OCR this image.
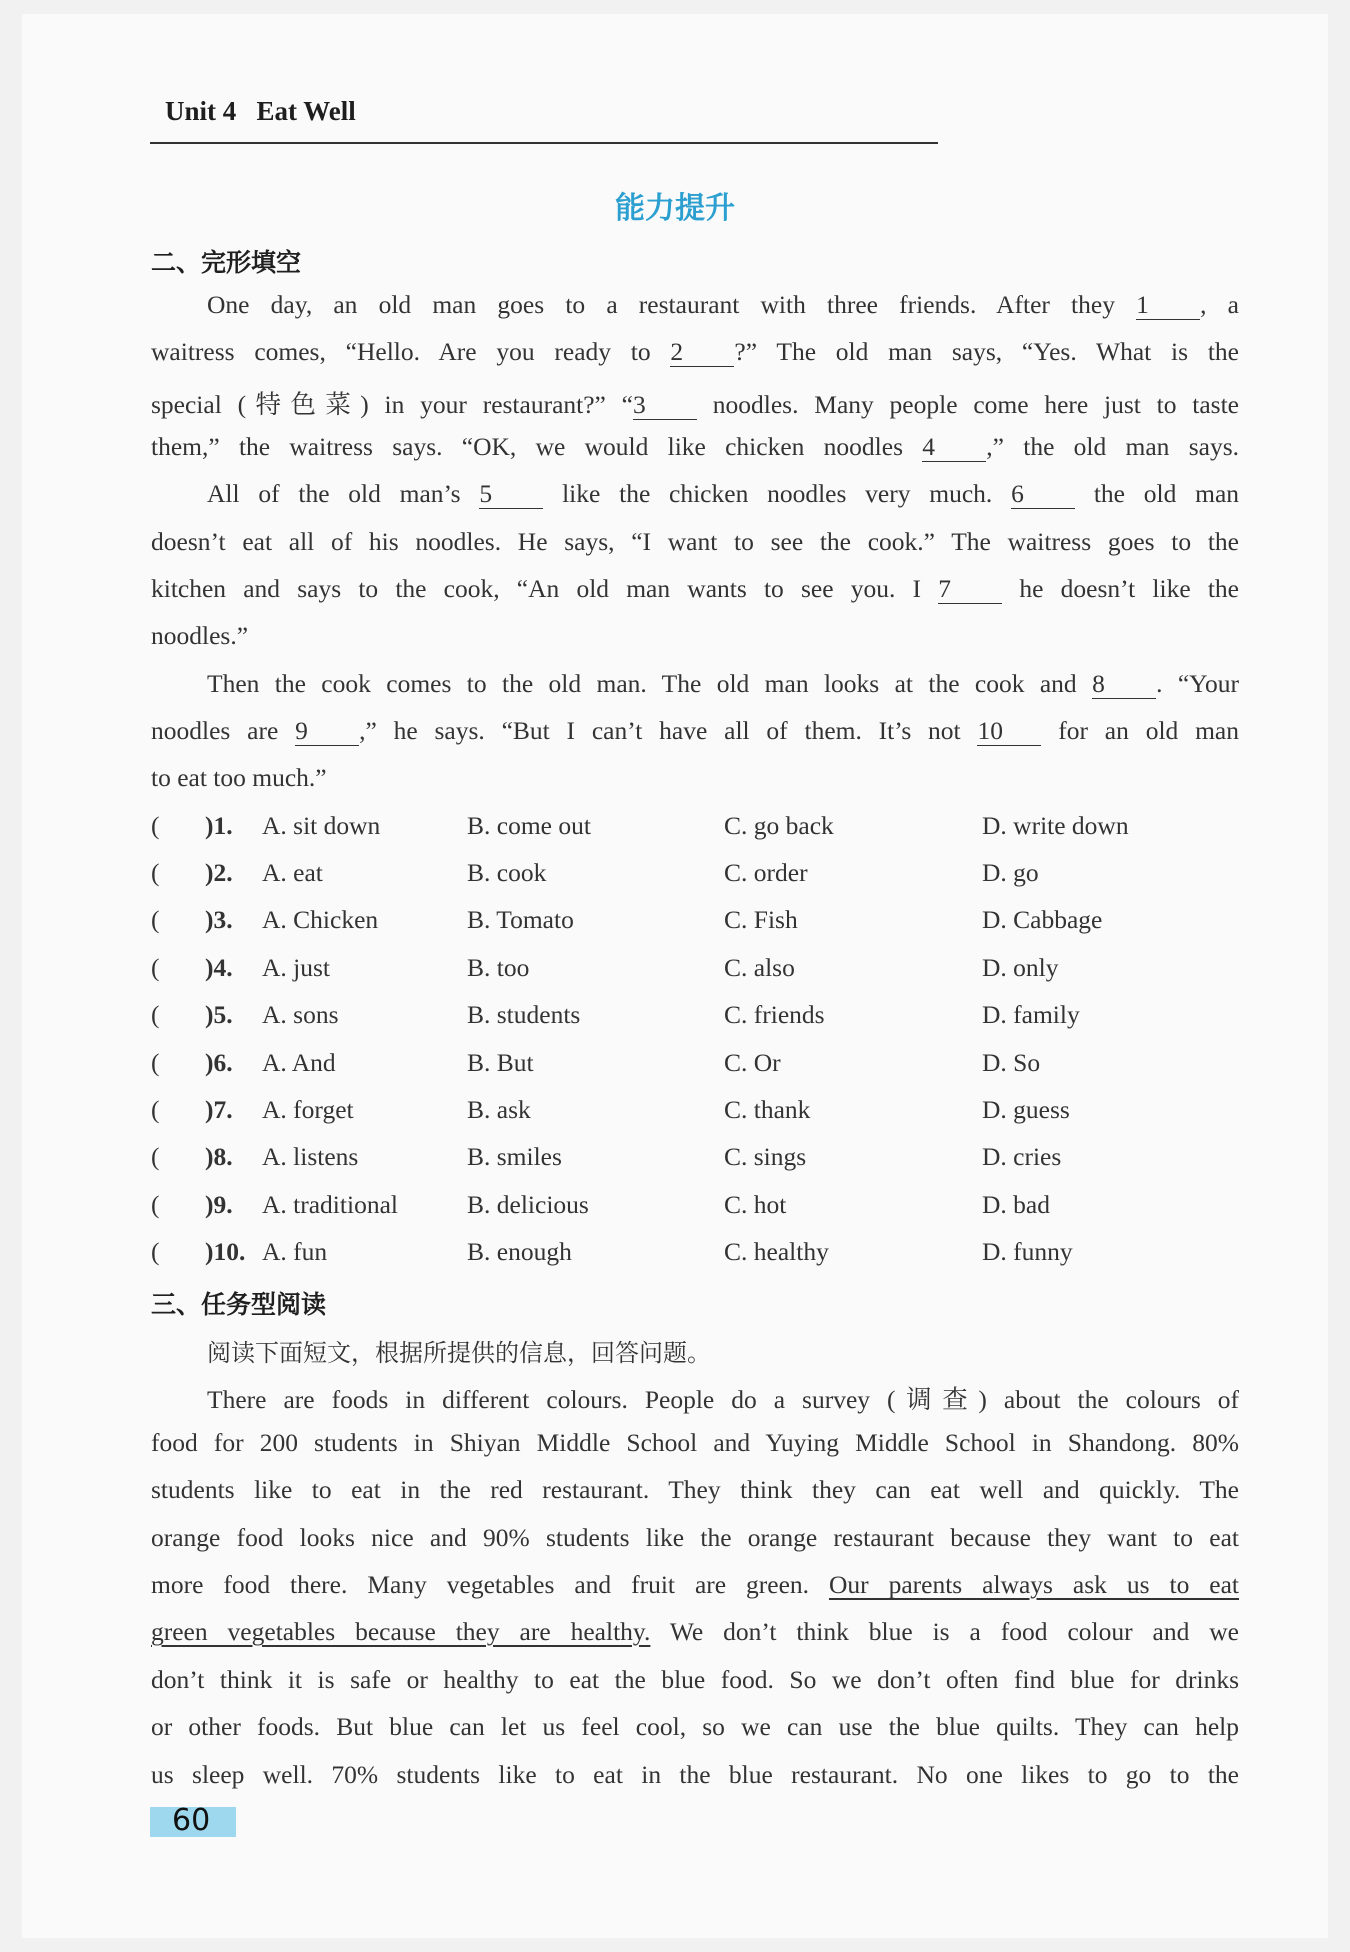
Unit 4 Eat Well
能力提升
二、完形填空
One day, an old man goes to a restaurant with three friends. After they 1 , a
waitress comes, “Hello. Are you ready to 2 ?” The old man says, “Yes. What is the
special (特色菜) in your restaurant?” “3 noodles. Many people come here just to taste
them,” the waitress says. “OK, we would like chicken noodles 4 ,” the old man says.
All of the old man’s 5 like the chicken noodles very much. 6 the old man
doesn’t eat all of his noodles. He says, “I want to see the cook.” The waitress goes to the
kitchen and says to the cook, “An old man wants to see you. I 7 he doesn’t like the
noodles.”
Then the cook comes to the old man. The old man looks at the cook and 8 . “Your
noodles are 9 ,” he says. “But I can’t have all of them. It’s not 10 for an old man
to eat too much.”
( )1. A. sit down	B. come out	C. go back	D. write down
( )2. A. eat	B. cook	C. order	D. go
( )3. A. Chicken	B. Tomato	C. Fish	D. Cabbage
( )4. A. just	B. too	C. also	D. only
( )5. A. sons	B. students	C. friends	D. family
( )6. A. And	B. But	C. Or	D. So
( )7. A. forget	B. ask	C. thank	D. guess
( )8. A. listens	B. smiles	C. sings	D. cries
( )9. A. traditional	B. delicious	C. hot	D. bad
( )10. A. fun	B. enough	C. healthy	D. funny
三、任务型阅读
阅读下面短文，根据所提供的信息，回答问题。
There are foods in different colours. People do a survey (调查) about the colours of
food for 200 students in Shiyan Middle School and Yuying Middle School in Shandong. 80%
students like to eat in the red restaurant. They think they can eat well and quickly. The
orange food looks nice and 90% students like the orange restaurant because they want to eat
more food there. Many vegetables and fruit are green. Our parents always ask us to eat
green vegetables because they are healthy. We don’t think blue is a food colour and we
don’t think it is safe or healthy to eat the blue food. So we don’t often find blue for drinks
or other foods. But blue can let us feel cool, so we can use the blue quilts. They can help
us sleep well. 70% students like to eat in the blue restaurant. No one likes to go to the
60
